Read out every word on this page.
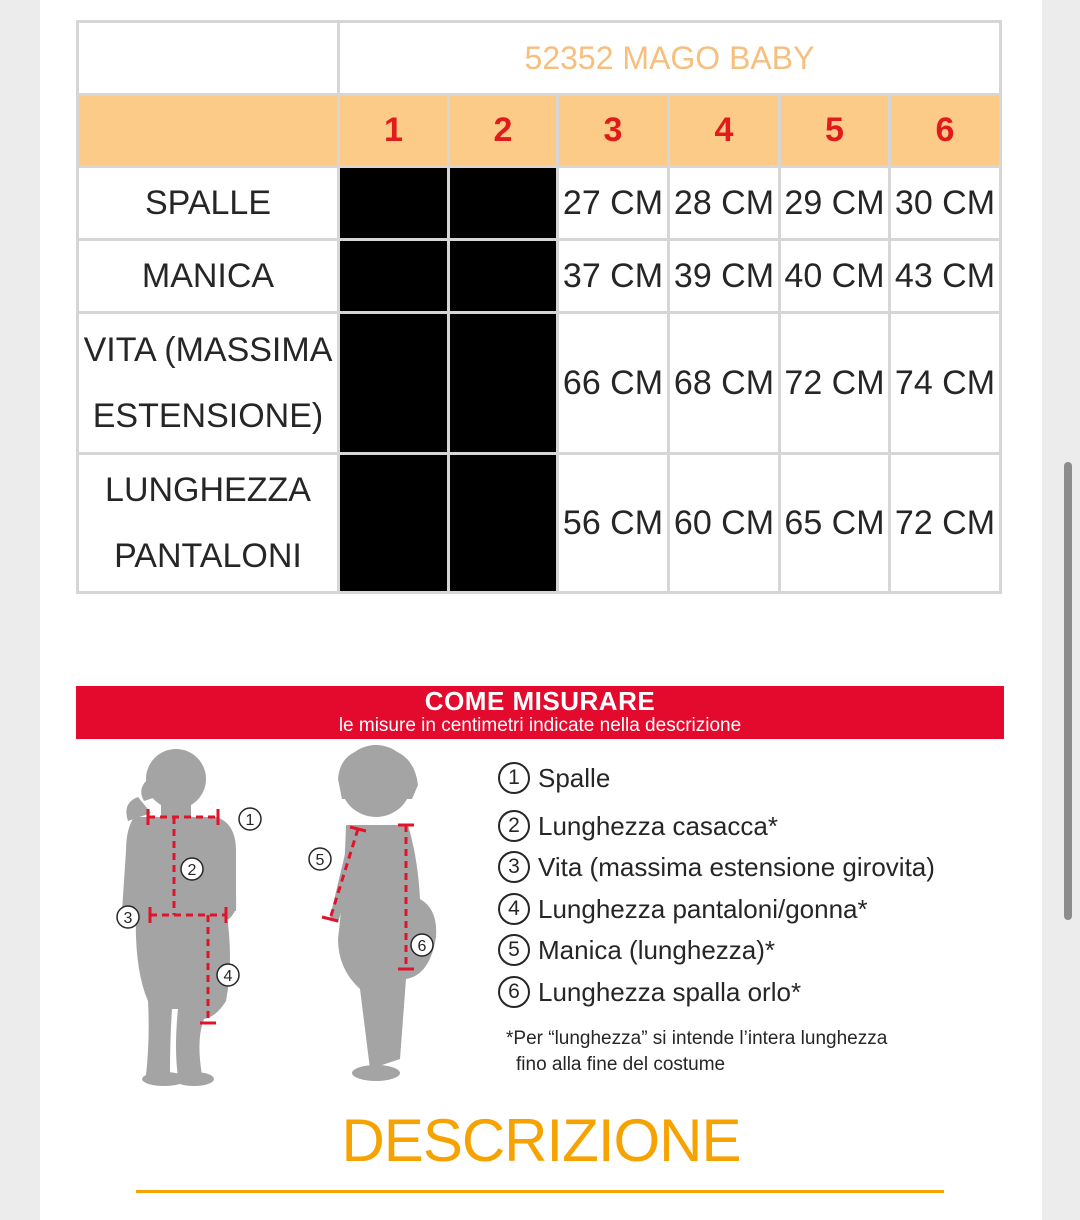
	52352 MAGO BABY					
	1	2	3	4	5	6
SPALLE			27 CM	28 CM	29 CM	30 CM
MANICA			37 CM	39 CM	40 CM	43 CM
VITA (MASSIMA ESTENSIONE)			66 CM	68 CM	72 CM	74 CM
LUNGHEZZA PANTALONI			56 CM	60 CM	65 CM	72 CM
COME MISURARE
le misure in centimetri indicate nella descrizione
1
2
3
4
5
6
1 Spalle
2 Lunghezza casacca*
3 Vita (massima estensione girovita)
4 Lunghezza pantaloni/gonna*
5 Manica (lunghezza)*
6 Lunghezza spalla orlo*
*Per “lunghezza” si intende l’intera lunghezza
fino alla fine del costume
DESCRIZIONE
